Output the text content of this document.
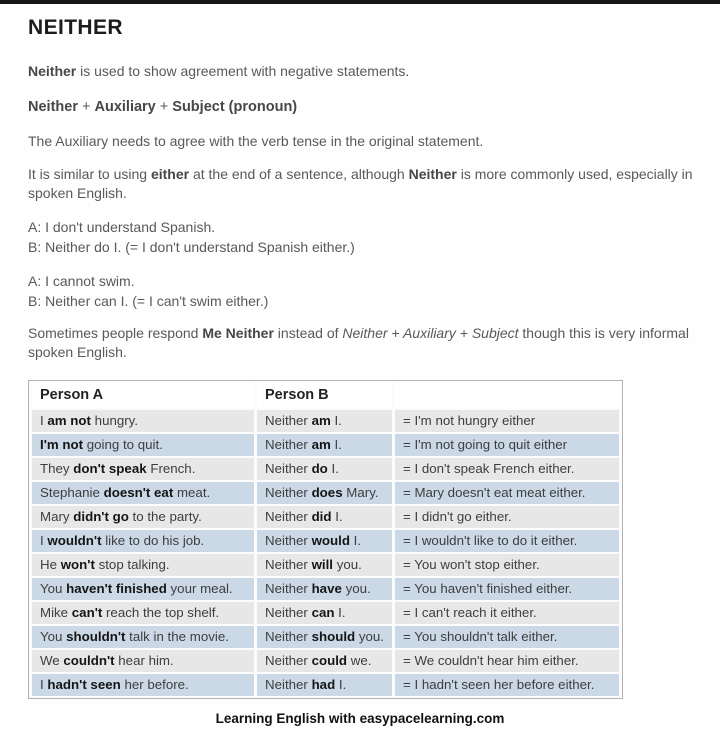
NEITHER

Neither is used to show agreement with negative statements.

Neither + Auxiliary + Subject (pronoun)

The Auxiliary needs to agree with the verb tense in the original statement.

It is similar to using either at the end of a sentence, although Neither is more commonly used, especially in spoken English.

A: I don't understand Spanish.
B: Neither do I. (= I don't understand Spanish either.)
A: I cannot swim.
B: Neither can I. (= I can't swim either.)

Sometimes people respond Me Neither instead of Neither + Auxiliary + Subject though this is very informal spoken English.

Person A	Person B	
I am not hungry.	Neither am I.	= I'm not hungry either
I'm not going to quit.	Neither am I.	= I'm not going to quit either
They don't speak French.	Neither do I.	= I don't speak French either.
Stephanie doesn't eat meat.	Neither does Mary.	= Mary doesn't eat meat either.
Mary didn't go to the party.	Neither did I.	= I didn't go either.
I wouldn't like to do his job.	Neither would I.	= I wouldn't like to do it either.
He won't stop talking.	Neither will you.	= You won't stop either.
You haven't finished your meal.	Neither have you.	= You haven't finished either.
Mike can't reach the top shelf.	Neither can I.	= I can't reach it either.
You shouldn't talk in the movie.	Neither should you.	= You shouldn't talk either.
We couldn't hear him.	Neither could we.	= We couldn't hear him either.
I hadn't seen her before.	Neither had I.	= I hadn't seen her before either.
Learning English with easypacelearning.com
